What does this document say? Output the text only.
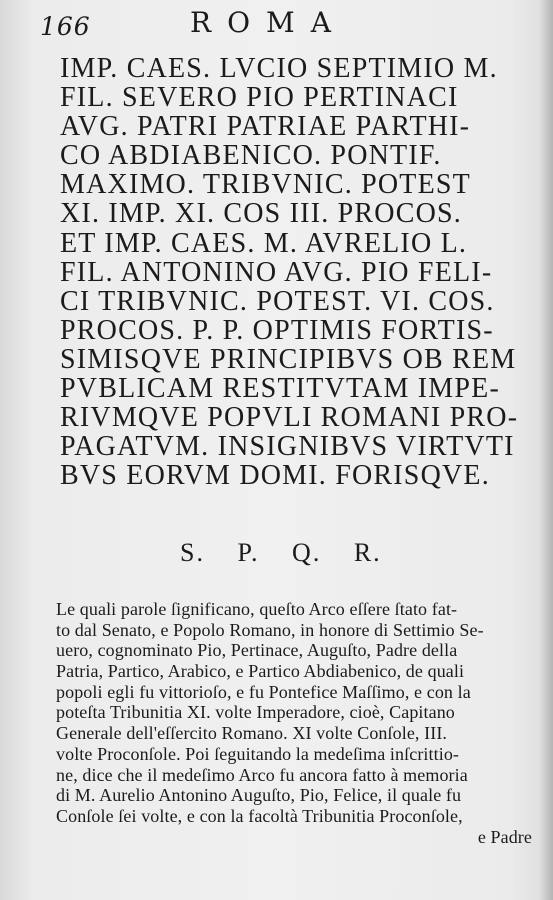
166	ROMA
IMP. CAES. LVCIO SEPTIMIO M.
FIL. SEVERO PIO PERTINACI
AVG. PATRI PATRIAE PARTHI-
CO ABDIABENICO. PONTIF.
MAXIMO. TRIBVNIC. POTEST
XI. IMP. XI. COS III. PROCOS.
ET IMP. CAES. M. AVRELIO L.
FIL. ANTONINO AVG. PIO FELI-
CI TRIBVNIC. POTEST. VI. COS.
PROCOS. P. P. OPTIMIS FORTIS-
SIMISQVE PRINCIPIBVS OB REM
PVBLICAM RESTITVTAM IMPE-
RIVMQVE POPVLI ROMANI PRO-
PAGATVM. INSIGNIBVS VIRTVTI
BVS EORVM DOMI. FORISQVE.
S. P. Q. R.
Le quali parole ſignificano, queſto Arco eſſere ſtato fat-
to dal Senato, e Popolo Romano, in honore di Settimio Se-
uero, cognominato Pio, Pertinace, Auguſto, Padre della
Patria, Partico, Arabico, e Partico Abdiabenico, de quali
popoli egli fu vittorioſo, e fu Pontefice Maſſimo, e con la
poteſta Tribunitia XI. volte Imperadore, cioè, Capitano
Generale dell'eſſercito Romano. XI volte Conſole, III.
volte Proconſole. Poi ſeguitando la medeſima inſcrittio-
ne, dice che il medeſimo Arco fu ancora fatto à memoria
di M. Aurelio Antonino Auguſto, Pio, Felice, il quale fu
Conſole ſei volte, e con la facoltà Tribunitia Proconſole,
e Padre
